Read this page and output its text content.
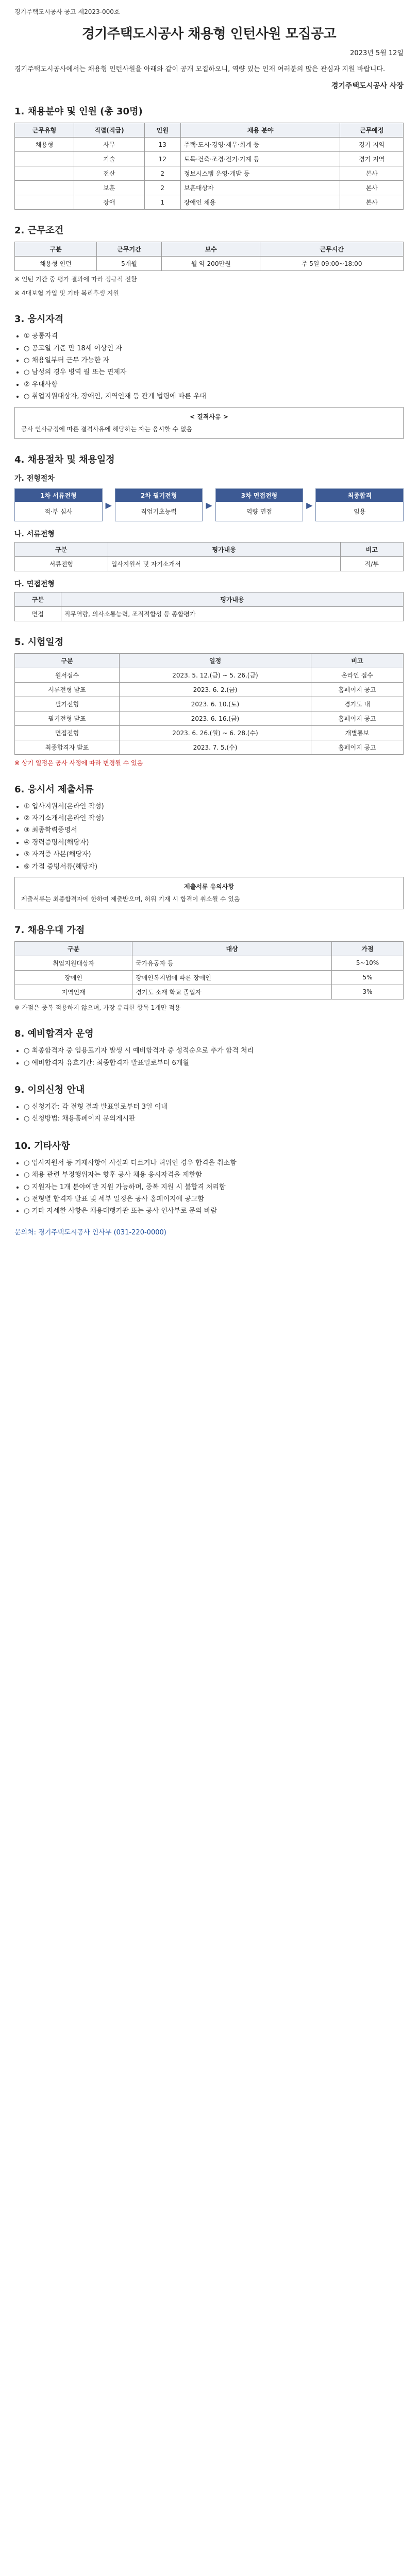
경기주택도시공사 공고 제2023-000호
경기주택도시공사 채용형 인턴사원 모집공고
2023년 5월 12일
경기주택도시공사에서는 채용형 인턴사원을 아래와 같이 공개 모집하오니, 역량 있는 인재 여러분의 많은 관심과 지원 바랍니다.
경기주택도시공사 사장
1. 채용분야 및 인원 (총 30명)
근무유형	직렬(직급)	인원	채용 분야	근무예정
채용형	사무	13	주택·도시·경영·재무·회계 등	경기 지역
	기술	12	토목·건축·조경·전기·기계 등	경기 지역
	전산	2	정보시스템 운영·개발 등	본사
	보훈	2	보훈대상자	본사
	장애	1	장애인 채용	본사
2. 근무조건
구분	근무기간	보수	근무시간
채용형 인턴	5개월	월 약 200만원	주 5일 09:00~18:00
※ 인턴 기간 중 평가 결과에 따라 정규직 전환
※ 4대보험 가입 및 기타 복리후생 지원
3. 응시자격
• ① 공통자격
• ○ 공고일 기준 만 18세 이상인 자
• ○ 채용일부터 근무 가능한 자
• ○ 남성의 경우 병역 필 또는 면제자
• ② 우대사항
• ○ 취업지원대상자, 장애인, 지역인재 등 관계 법령에 따른 우대
< 결격사유 >
공사 인사규정에 따른 결격사유에 해당하는 자는 응시할 수 없음
4. 채용절차 및 채용일정
가. 전형절차
1차 서류전형
적·부 심사
▶
2차 필기전형
직업기초능력
▶
3차 면접전형
역량 면접
▶
최종합격
임용
나. 서류전형
구분	평가내용	비고
서류전형	입사지원서 및 자기소개서	적/부
다. 면접전형
구분	평가내용
면접	직무역량, 의사소통능력, 조직적합성 등 종합평가
5. 시험일정
구분	일정	비고
원서접수	2023. 5. 12.(금) ~ 5. 26.(금)	온라인 접수
서류전형 발표	2023. 6. 2.(금)	홈페이지 공고
필기전형	2023. 6. 10.(토)	경기도 내
필기전형 발표	2023. 6. 16.(금)	홈페이지 공고
면접전형	2023. 6. 26.(월) ~ 6. 28.(수)	개별통보
최종합격자 발표	2023. 7. 5.(수)	홈페이지 공고
※ 상기 일정은 공사 사정에 따라 변경될 수 있음
6. 응시서 제출서류
• ① 입사지원서(온라인 작성)
• ② 자기소개서(온라인 작성)
• ③ 최종학력증명서
• ④ 경력증명서(해당자)
• ⑤ 자격증 사본(해당자)
• ⑥ 가점 증빙서류(해당자)
제출서류 유의사항
제출서류는 최종합격자에 한하여 제출받으며, 허위 기재 시 합격이 취소될 수 있음
7. 채용우대 가점
구분	대상	가점
취업지원대상자	국가유공자 등	5~10%
장애인	장애인복지법에 따른 장애인	5%
지역인재	경기도 소재 학교 졸업자	3%
※ 가점은 중복 적용하지 않으며, 가장 유리한 항목 1개만 적용
8. 예비합격자 운영
• ○ 최종합격자 중 임용포기자 발생 시 예비합격자 중 성적순으로 추가 합격 처리
• ○ 예비합격자 유효기간: 최종합격자 발표일로부터 6개월
9. 이의신청 안내
• ○ 신청기간: 각 전형 결과 발표일로부터 3일 이내
• ○ 신청방법: 채용홈페이지 문의게시판
10. 기타사항
• ○ 입사지원서 등 기재사항이 사실과 다르거나 허위인 경우 합격을 취소함
• ○ 채용 관련 부정행위자는 향후 공사 채용 응시자격을 제한함
• ○ 지원자는 1개 분야에만 지원 가능하며, 중복 지원 시 불합격 처리함
• ○ 전형별 합격자 발표 및 세부 일정은 공사 홈페이지에 공고함
• ○ 기타 자세한 사항은 채용대행기관 또는 공사 인사부로 문의 바람
문의처: 경기주택도시공사 인사부 (031-220-0000)
